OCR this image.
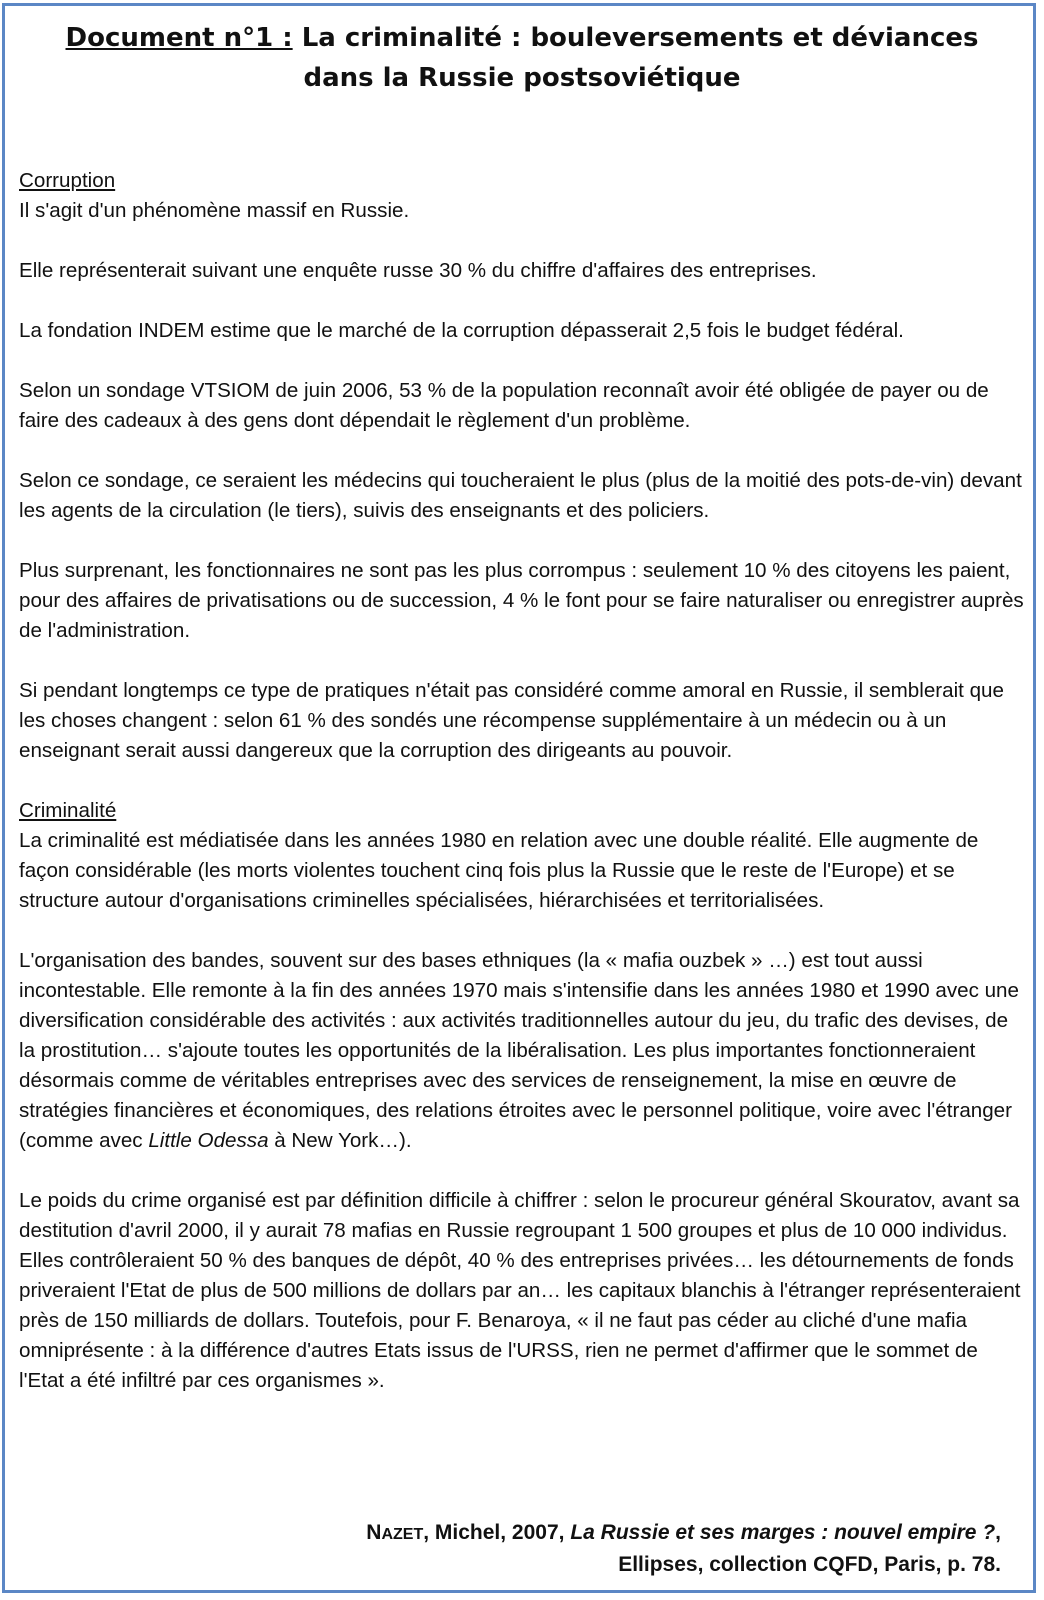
Document n°1 : La criminalité : bouleversements et déviances
dans la Russie postsoviétique

Corruption
Il s'agit d'un phénomène massif en Russie.

Elle représenterait suivant une enquête russe 30 % du chiffre d'affaires des entreprises.

La fondation INDEM estime que le marché de la corruption dépasserait 2,5 fois le budget fédéral.

Selon un sondage VTSIOM de juin 2006, 53 % de la population reconnaît avoir été obligée de payer ou de faire des cadeaux à des gens dont dépendait le règlement d'un problème.

Selon ce sondage, ce seraient les médecins qui toucheraient le plus (plus de la moitié des pots-de-vin) devant les agents de la circulation (le tiers), suivis des enseignants et des policiers.

Plus surprenant, les fonctionnaires ne sont pas les plus corrompus : seulement 10 % des citoyens les paient, pour des affaires de privatisations ou de succession, 4 % le font pour se faire naturaliser ou enregistrer auprès de l'administration.

Si pendant longtemps ce type de pratiques n'était pas considéré comme amoral en Russie, il semblerait que les choses changent : selon 61 % des sondés une récompense supplémentaire à un médecin ou à un enseignant serait aussi dangereux que la corruption des dirigeants au pouvoir.

Criminalité
La criminalité est médiatisée dans les années 1980 en relation avec une double réalité. Elle augmente de façon considérable (les morts violentes touchent cinq fois plus la Russie que le reste de l'Europe) et se structure autour d'organisations criminelles spécialisées, hiérarchisées et territorialisées.

L'organisation des bandes, souvent sur des bases ethniques (la « mafia ouzbek » …) est tout aussi incontestable. Elle remonte à la fin des années 1970 mais s'intensifie dans les années 1980 et 1990 avec une diversification considérable des activités : aux activités traditionnelles autour du jeu, du trafic des devises, de la prostitution… s'ajoute toutes les opportunités de la libéralisation. Les plus importantes fonctionneraient désormais comme de véritables entreprises avec des services de renseignement, la mise en œuvre de stratégies financières et économiques, des relations étroites avec le personnel politique, voire avec l'étranger (comme avec Little Odessa à New York…).

Le poids du crime organisé est par définition difficile à chiffrer : selon le procureur général Skouratov, avant sa destitution d'avril 2000, il y aurait 78 mafias en Russie regroupant 1 500 groupes et plus de 10 000 individus. Elles contrôleraient 50 % des banques de dépôt, 40 % des entreprises privées… les détournements de fonds priveraient l'Etat de plus de 500 millions de dollars par an… les capitaux blanchis à l'étranger représenteraient près de 150 milliards de dollars. Toutefois, pour F. Benaroya, « il ne faut pas céder au cliché d'une mafia omniprésente : à la différence d'autres Etats issus de l'URSS, rien ne permet d'affirmer que le sommet de l'Etat a été infiltré par ces organismes ».

NAZET, Michel, 2007, La Russie et ses marges : nouvel empire ?,
Ellipses, collection CQFD, Paris, p. 78.
